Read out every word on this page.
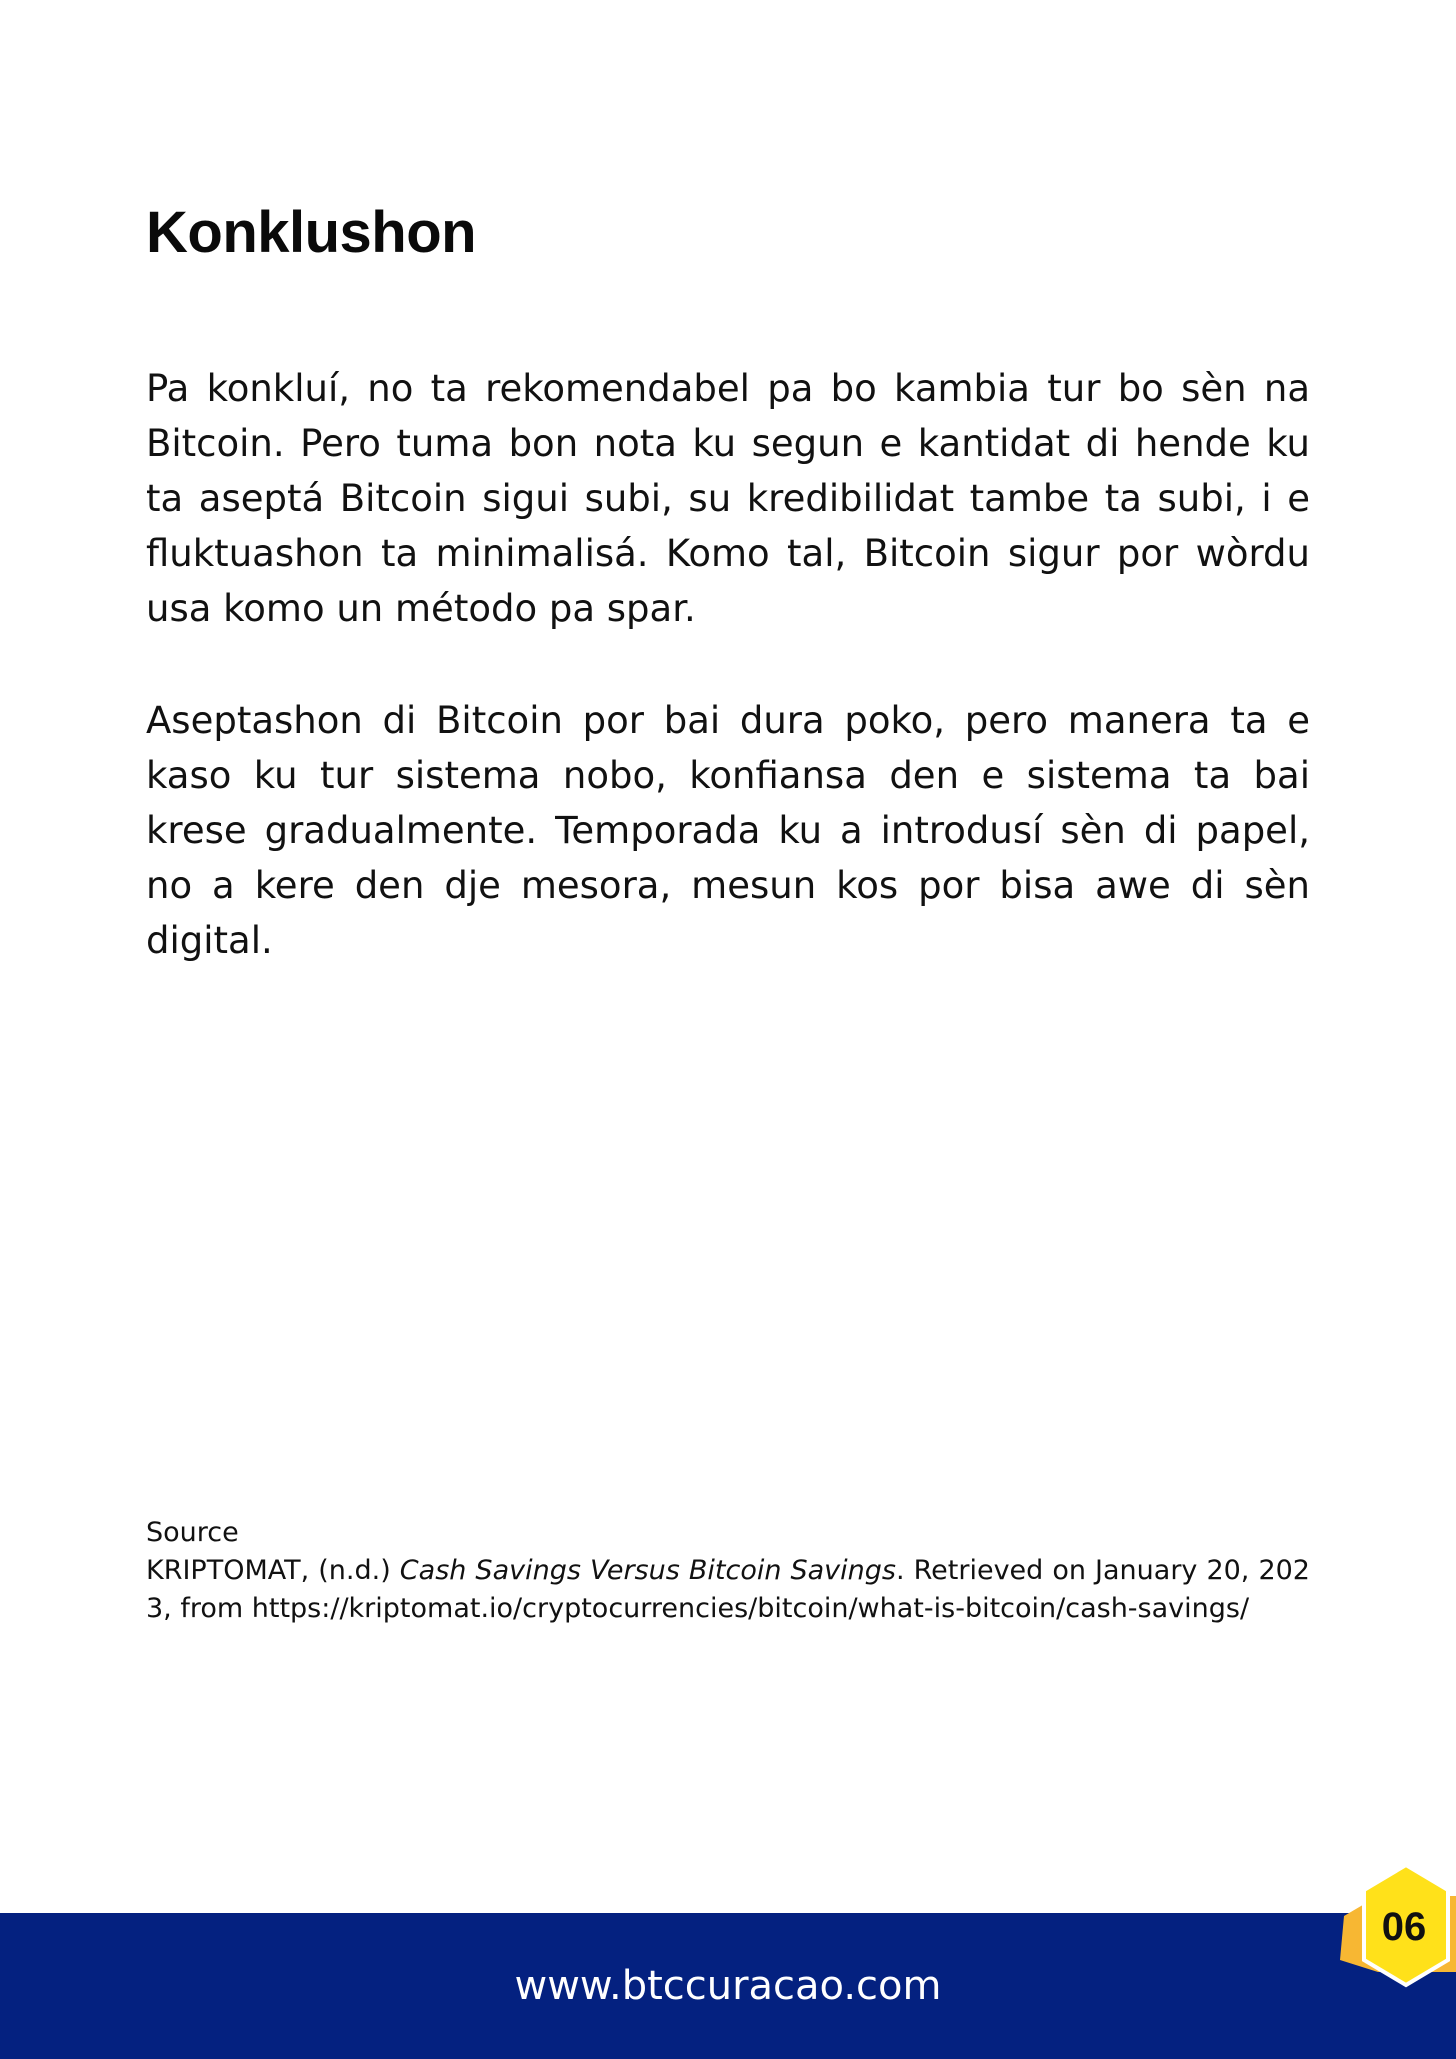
Konklushon

Pa konkluí, no ta rekomendabel pa bo kambia tur bo sèn na Bitcoin. Pero tuma bon nota ku segun e kantidat di hende ku ta aseptá Bitcoin sigui subi, su kredibilidat tambe ta subi, i e fluktuashon ta minimalisá. Komo tal, Bitcoin sigur por wòrdu usa komo un método pa spar.

Aseptashon di Bitcoin por bai dura poko, pero manera ta e kaso ku tur sistema nobo, konfiansa den e sistema ta bai krese gradualmente. Temporada ku a introdusí sèn di papel, no a kere den dje mesora, mesun kos por bisa awe di sèn digital.

Source
KRIPTOMAT, (n.d.) Cash Savings Versus Bitcoin Savings. Retrieved on January 20, 2023, from https://kriptomat.io/cryptocurrencies/bitcoin/what-is-bitcoin/cash-savings/
www.btccuracao.com
06
